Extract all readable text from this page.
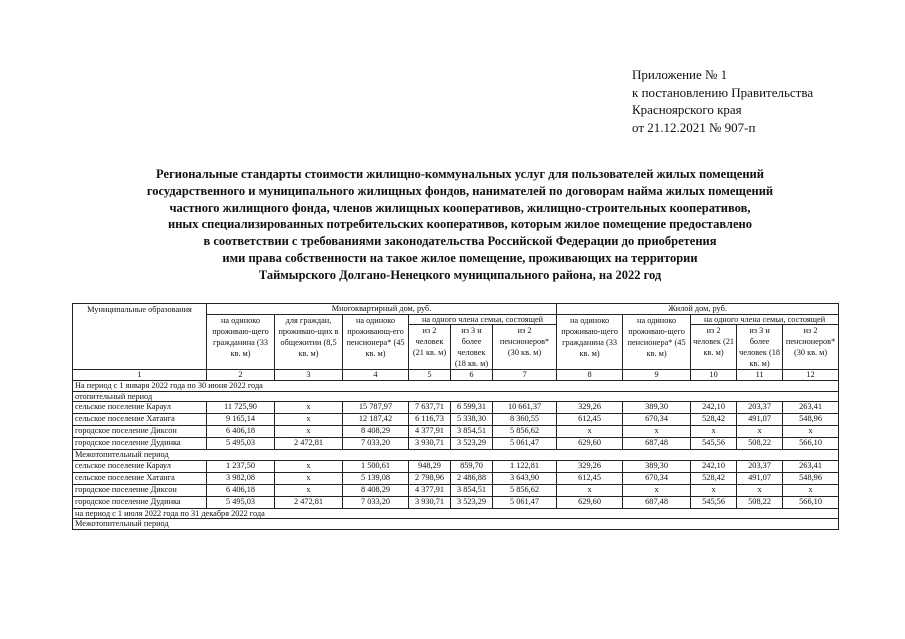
Приложение № 1
к постановлению Правительства
Красноярского края
от 21.12.2021 № 907-п
Региональные стандарты стоимости жилищно-коммунальных услуг для пользователей жилых помещений
государственного и муниципального жилищных фондов, нанимателей по договорам найма жилых помещений
частного жилищного фонда, членов жилищных кооперативов, жилищно-строительных кооперативов,
иных специализированных потребительских кооперативов, которым жилое помещение предоставлено
в соответствии с требованиями законодательства Российской Федерации до приобретения
ими права собственности на такое жилое помещение, проживающих на территории
Таймырского Долгано-Ненецкого муниципального района, на 2022 год
Муниципальные образования	Многоквартирный дом, руб.						Жилой дом, руб.				
	на одиноко проживаю-щего гражданина (33 кв. м)	для граждан, проживаю-щих в общежитии (8,5 кв. м)	на одиноко проживающ-его пенсионера* (45 кв. м)	на одного члена семьи, состоящей			на одиноко проживаю-щего гражданина (33 кв. м)	на одиноко проживаю-щего пенсионера* (45 кв. м)	на одного члена семьи, состоящей		
				из 2 человек (21 кв. м)	из 3 и более человек (18 кв. м)	из 2 пенсионеров* (30 кв. м)			из 2 человек (21 кв. м)	из 3 и более человек (18 кв. м)	из 2 пенсионеров* (30 кв. м)
1	2	3	4	5	6	7	8	9	10	11	12
На период с 1 января 2022 года по 30 июня 2022 года											
отопительный период											
сельское поселение Караул	11 725,90	x	15 787,97	7 637,71	6 599,31	10 661,37	329,26	389,30	242,10	203,37	263,41
сельское поселение Хатанга	9 165,14	x	12 187,42	6 116,73	5 338,30	8 360,55	612,45	670,34	528,42	491,07	548,96
городское поселение Диксон	6 406,18	x	8 408,29	4 377,91	3 854,51	5 856,62	x	x	x	x	x
городское поселение Дудинка	5 495,03	2 472,81	7 033,20	3 930,71	3 523,29	5 061,47	629,60	687,48	545,56	508,22	566,10
Межотопительный период											
сельское поселение Караул	1 237,50	x	1 500,61	948,29	859,70	1 122,81	329,26	389,30	242,10	203,37	263,41
сельское поселение Хатанга	3 982,08	x	5 139,08	2 798,96	2 486,88	3 643,90	612,45	670,34	528,42	491,07	548,96
городское поселение Диксон	6 406,18	x	8 408,29	4 377,91	3 854,51	5 856,62	x	x	x	x	x
городское поселение Дудинка	5 495,03	2 472,81	7 033,20	3 930,71	3 523,29	5 061,47	629,60	687,48	545,56	508,22	566,10
на период с 1 июля 2022 года по 31 декабря 2022 года											
Межотопительный период											
